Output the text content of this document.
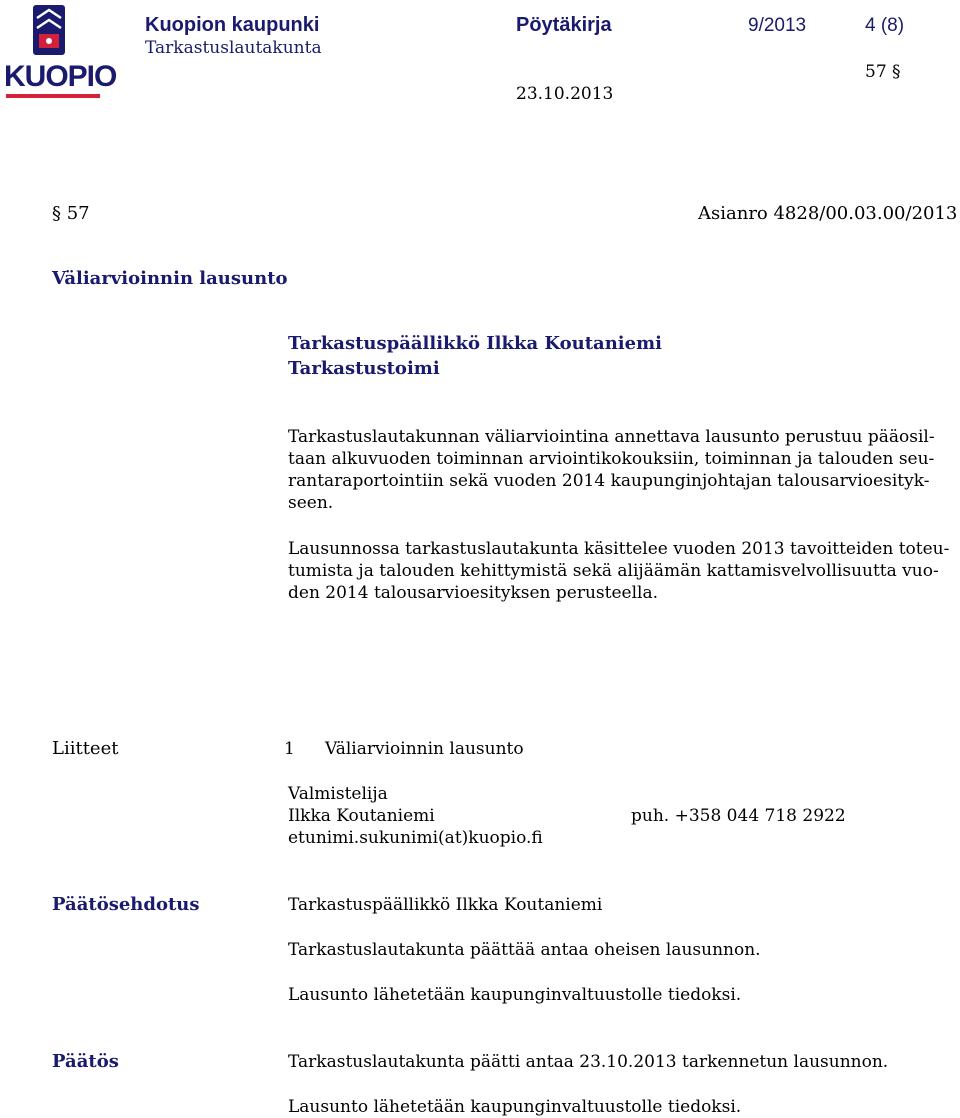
KUOPIO
Kuopion kaupunki
Tarkastuslautakunta
Pöytäkirja	9/2013	4 (8)
57 §
23.10.2013
§ 57	Asianro 4828/00.03.00/2013
Väliarvioinnin lausunto
Tarkastuspäällikkö Ilkka Koutaniemi
Tarkastustoimi
Tarkastuslautakunnan väliarviointina annettava lausunto perustuu pääosil-
taan alkuvuoden toiminnan arviointikokouksiin, toiminnan ja talouden seu-
rantaraportointiin sekä vuoden 2014 kaupunginjohtajan talousarvioesityk-
seen.
Lausunnossa tarkastuslautakunta käsittelee vuoden 2013 tavoitteiden toteu-
tumista ja talouden kehittymistä sekä alijäämän kattamisvelvollisuutta vuo-
den 2014 talousarvioesityksen perusteella.
Liitteet	1 Väliarvioinnin lausunto
Valmistelija
Ilkka Koutaniemi	puh. +358 044 718 2922
etunimi.sukunimi(at)kuopio.fi
Päätösehdotus	Tarkastuspäällikkö Ilkka Koutaniemi
Tarkastuslautakunta päättää antaa oheisen lausunnon.
Lausunto lähetetään kaupunginvaltuustolle tiedoksi.
Päätös	Tarkastuslautakunta päätti antaa 23.10.2013 tarkennetun lausunnon.
Lausunto lähetetään kaupunginvaltuustolle tiedoksi.
